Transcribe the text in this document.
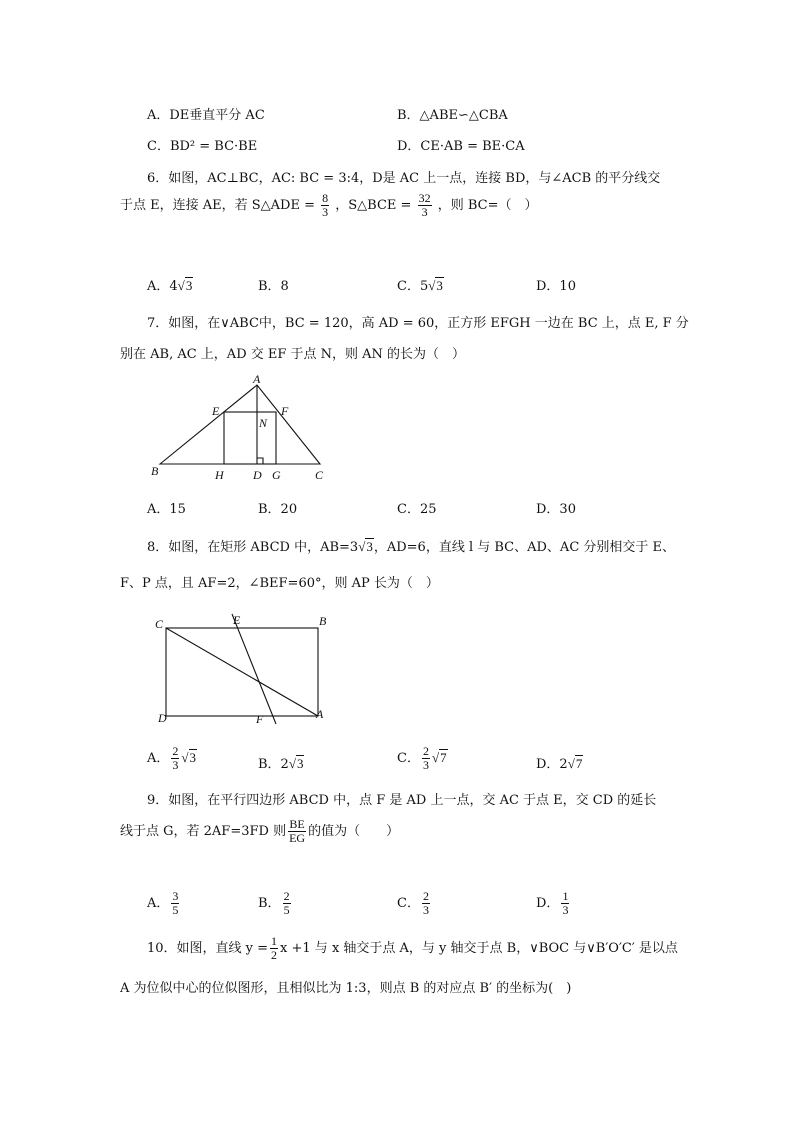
A．DE垂直平分 AC	B．△ABE∽△CBA
C．BD² = BC·BE	D．CE·AB = BE·CA
6．如图，AC⊥BC，AC: BC = 3:4，D是 AC 上一点，连接 BD，与∠ACB 的平分线交
于点 E，连接 AE，若 S△ADE = $\frac{8}{3}$ ，S△BCE = $\frac{32}{3}$ ，则 BC=（　）
A．4√3	B．8	C．5√3	D．10
7．如图，在∨ABC中，BC = 120，高 AD = 60，正方形 EFGH 一边在 BC 上，点 E, F 分
别在 AB, AC 上，AD 交 EF 于点 N，则 AN 的长为（　）
A
B	C
D
E	F
G
H
N
A．15	B．20	C．25	D．30
8．如图，在矩形 ABCD 中，AB=3√3，AD=6，直线 l 与 BC、AD、AC 分别相交于 E、
F、P 点，且 AF=2，∠BEF=60°，则 AP 长为（　）
C	E	B
D	F	A
A． $\frac{2}{3} √3$	B．2√3	C． $\frac{2}{3} √7$	D．2√7
9．如图，在平行四边形 ABCD 中，点 F 是 AD 上一点，交 AC 于点 E，交 CD 的延长
线于点 G，若 2AF=3FD 则 $\frac{BE}{EG}$ 的值为（　　）
A． $\frac{3}{5}$	B． $\frac{2}{5}$	C． $\frac{2}{3}$	D． $\frac{1}{3}$
10．如图，直线 $y = \frac{1}{2}$ x +1 与 x 轴交于点 A，与 y 轴交于点 B，∨BOC 与∨B′O′C′ 是以点
A 为位似中心的位似图形，且相似比为 1:3，则点 B 的对应点 B′ 的坐标为(　)
